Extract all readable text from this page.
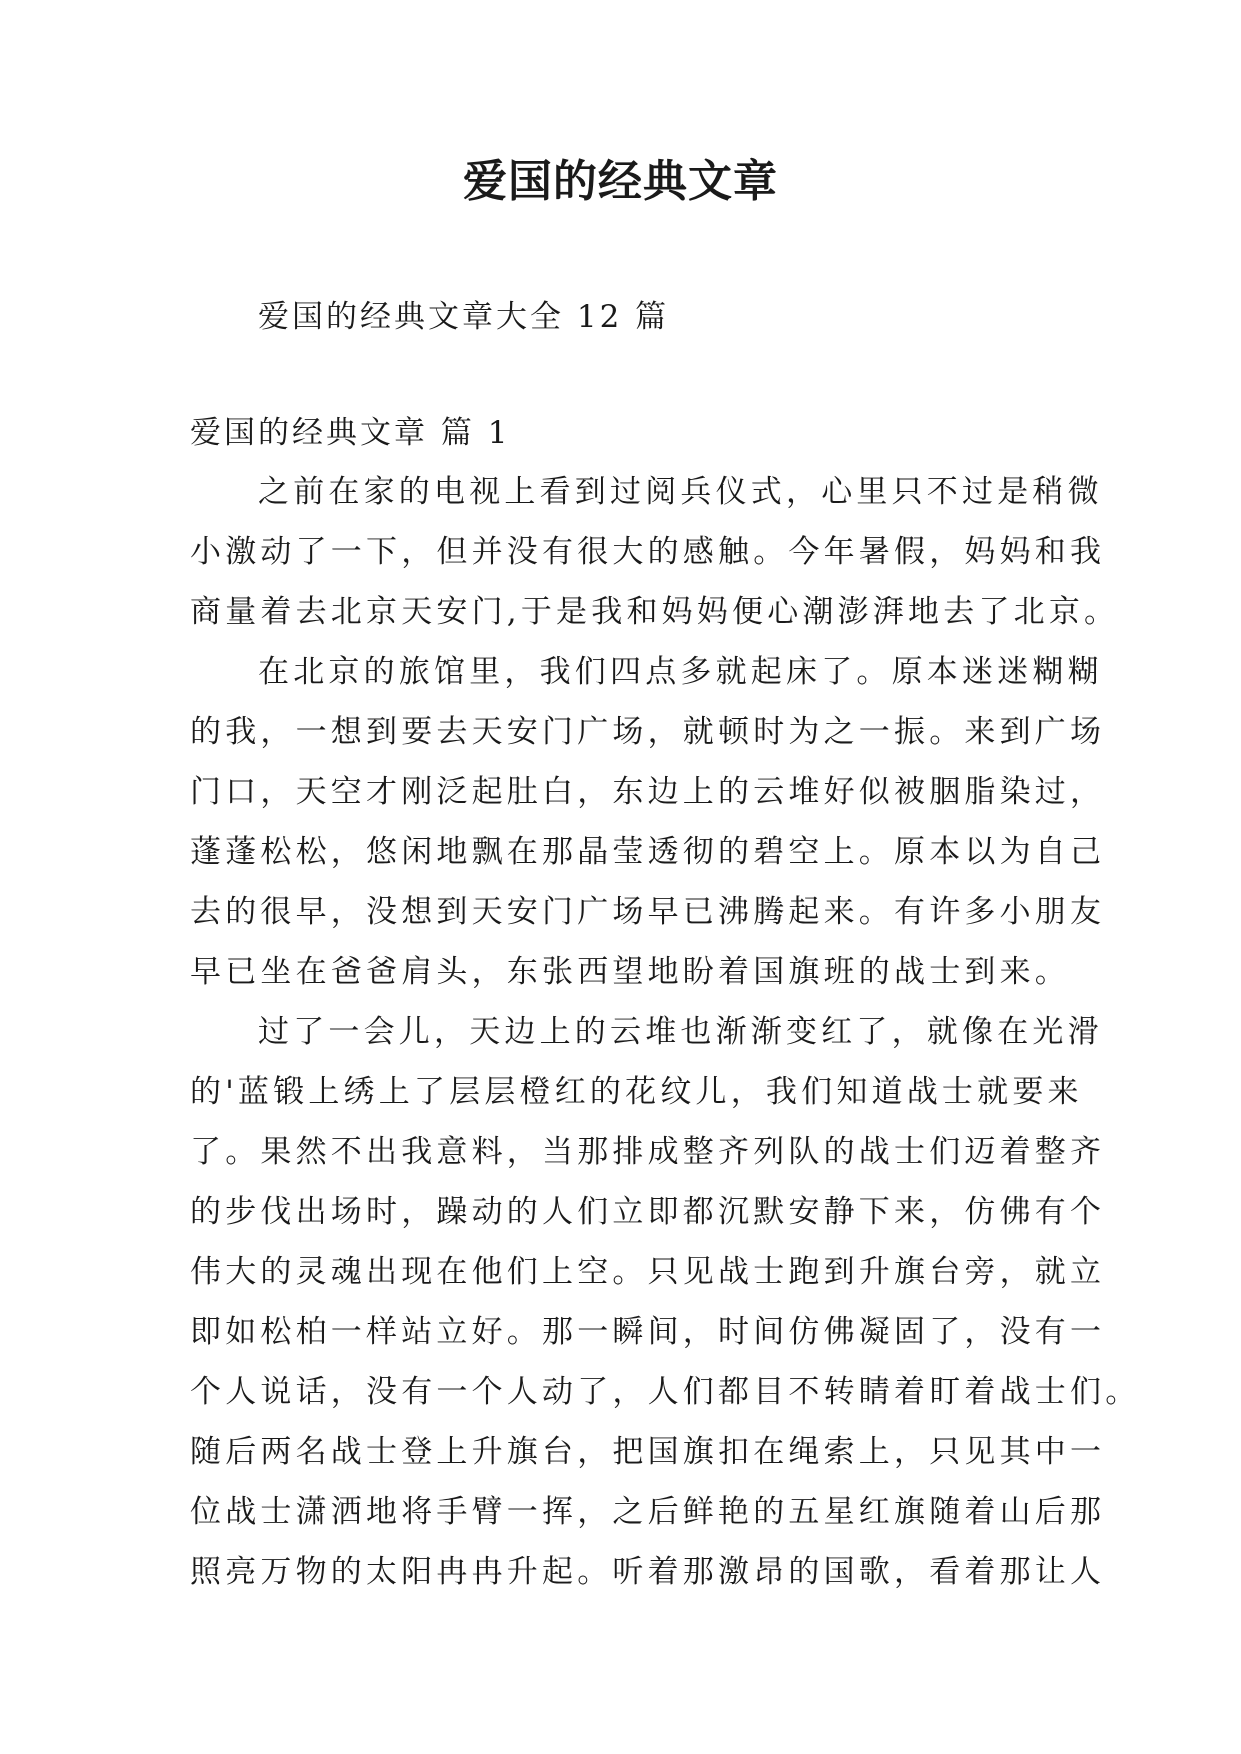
爱国的经典文章

爱国的经典文章大全 12 篇

爱国的经典文章 篇 1

之前在家的电视上看到过阅兵仪式，心里只不过是稍微
小激动了一下，但并没有很大的感触。今年暑假，妈妈和我
商量着去北京天安门,于是我和妈妈便心潮澎湃地去了北京。
在北京的旅馆里，我们四点多就起床了。原本迷迷糊糊
的我，一想到要去天安门广场，就顿时为之一振。来到广场
门口，天空才刚泛起肚白，东边上的云堆好似被胭脂染过，
蓬蓬松松，悠闲地飘在那晶莹透彻的碧空上。原本以为自己
去的很早，没想到天安门广场早已沸腾起来。有许多小朋友
早已坐在爸爸肩头，东张西望地盼着国旗班的战士到来。
过了一会儿，天边上的云堆也渐渐变红了，就像在光滑
的'蓝锻上绣上了层层橙红的花纹儿，我们知道战士就要来
了。果然不出我意料，当那排成整齐列队的战士们迈着整齐
的步伐出场时，躁动的人们立即都沉默安静下来，仿佛有个
伟大的灵魂出现在他们上空。只见战士跑到升旗台旁，就立
即如松柏一样站立好。那一瞬间，时间仿佛凝固了，没有一
个人说话，没有一个人动了，人们都目不转睛着盯着战士们。
随后两名战士登上升旗台，把国旗扣在绳索上，只见其中一
位战士潇洒地将手臂一挥，之后鲜艳的五星红旗随着山后那
照亮万物的太阳冉冉升起。听着那激昂的国歌，看着那让人
